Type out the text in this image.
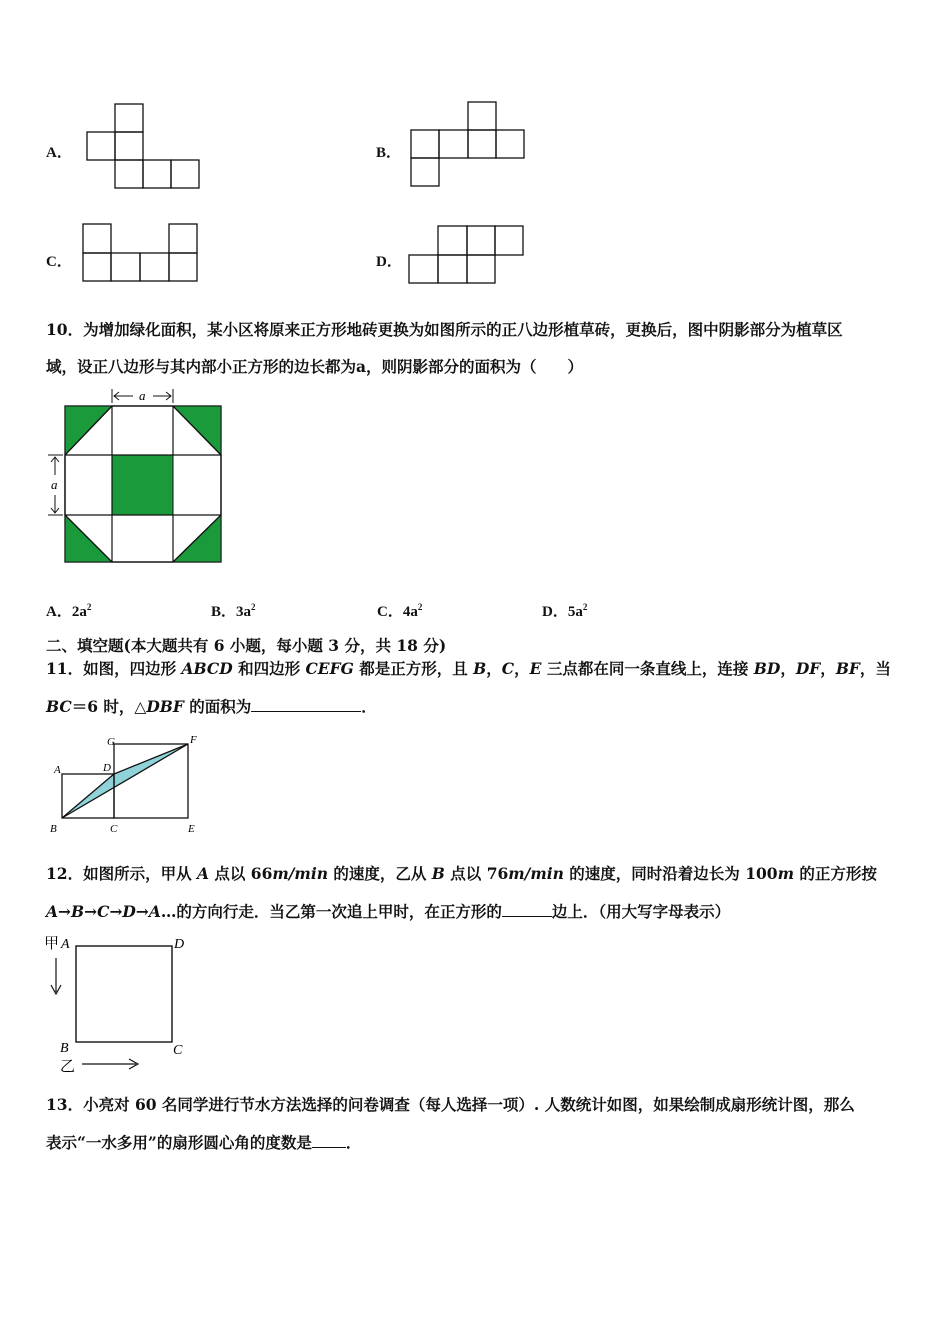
A．	B．
C．	D．
10．为增加绿化面积，某小区将原来正方形地砖更换为如图所示的正八边形植草砖，更换后，图中阴影部分为植草区
域，设正八边形与其内部小正方形的边长都为a，则阴影部分的面积为（　　）
a
a
A．$2a^2$	B．$3a^2$	C．$4a^2$	D．$5a^2$
二、填空题(本大题共有 6 小题，每小题 3 分，共 18 分)
11．如图，四边形 ABCD 和四边形 CEFG 都是正方形，且 B，C，E 三点都在同一条直线上，连接 BD，DF，BF，当
BC＝6 时，△DBF 的面积为	．
A
B	C
D
E
F
G
12．如图所示，甲从 A 点以 66m/min 的速度，乙从 B 点以 76m/min 的速度，同时沿着边长为 100m 的正方形按
A→B→C→D→A…的方向行走．当乙第一次追上甲时，在正方形的	边上．（用大写字母表示）
甲 A	D
B	C
乙
13．小亮对 60 名同学进行节水方法选择的问卷调查（每人选择一项）. 人数统计如图，如果绘制成扇形统计图，那么
表示“一水多用”的扇形圆心角的度数是 ．
